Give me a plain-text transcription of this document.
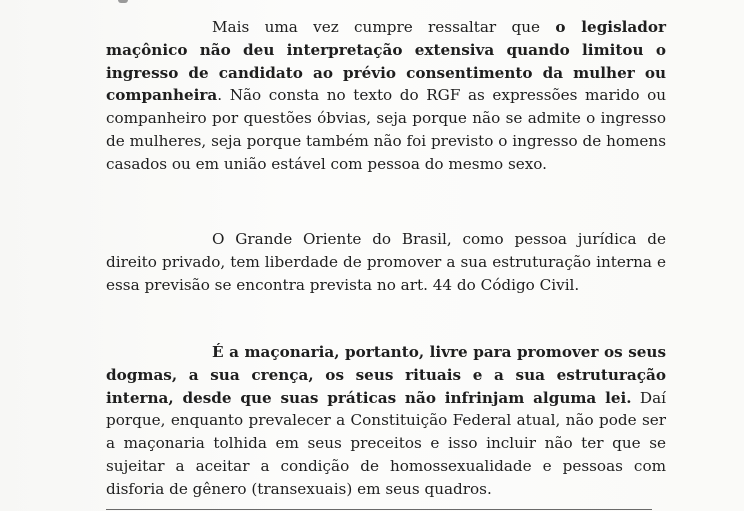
Mais uma vez cumpre ressaltar que o legislador maçônico não deu interpretação extensiva quando limitou o ingresso de candidato ao prévio consentimento da mulher ou companheira. Não consta no texto do RGF as expressões marido ou companheiro por questões óbvias, seja porque não se admite o ingresso de mulheres, seja porque também não foi previsto o ingresso de homens casados ou em união estável com pessoa do mesmo sexo.

O Grande Oriente do Brasil, como pessoa jurídica de direito privado, tem liberdade de promover a sua estruturação interna e essa previsão se encontra prevista no art. 44 do Código Civil.

É a maçonaria, portanto, livre para promover os seus dogmas, a sua crença, os seus rituais e a sua estruturação interna, desde que suas práticas não infrinjam alguma lei. Daí porque, enquanto prevalecer a Constituição Federal atual, não pode ser a maçonaria tolhida em seus preceitos e isso incluir não ter que se sujeitar a aceitar a condição de homossexualidade e pessoas com disforia de gênero (transexuais) em seus quadros.
